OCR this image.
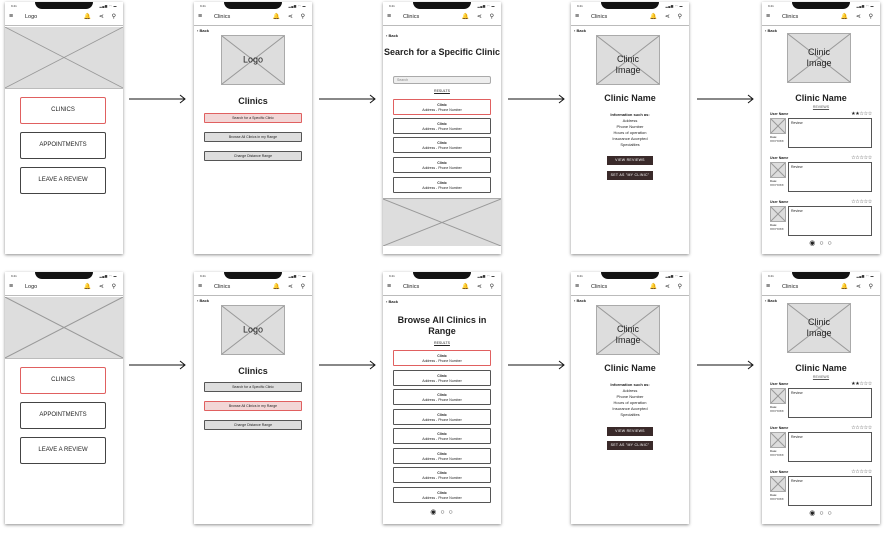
9:41	▂▄▆ ◠ ▬
≡ Logo	🔔 ⋖ ⚲
CLINICS
APPOINTMENTS
LEAVE A REVIEW
9:41	▂▄▆ ◠ ▬
≡ Clinics	🔔 ⋖ ⚲
‹ Back
Logo
Clinics
Search for a Specific Clinic
Browse All Clinics in my Range
Change Distance Range
9:41	▂▄▆ ◠ ▬
≡ Clinics	🔔 ⋖ ⚲
‹ Back
Search for a Specific Clinic
Search
RESULTS
Clinic
Address - Phone Number
Clinic
Address - Phone Number
Clinic
Address - Phone Number
Clinic
Address - Phone Number
Clinic
Address - Phone Number
9:41	▂▄▆ ◠ ▬
≡ Clinics	🔔 ⋖ ⚲
‹ Back
Clinic Image
Clinic Name
Information such as:
Address
Phone Number
Hours of operation
Insurance Accepted
Specialties
VIEW REVIEWS
SET AS "MY CLINIC"
9:41	▂▄▆ ◠ ▬
≡ Clinics	🔔 ⋖ ⚲
‹ Back
Clinic Image
Clinic Name
REVIEWS
User Name	★★☆☆☆
Date:
XX/YX/XX
Review
User Name	☆☆☆☆☆
Date:
XX/YX/XX
Review
User Name	☆☆☆☆☆
Date:
XX/YX/XX
Review
◉ ○ ○
9:41	▂▄▆ ◠ ▬
≡ Logo	🔔 ⋖ ⚲
CLINICS
APPOINTMENTS
LEAVE A REVIEW
9:41	▂▄▆ ◠ ▬
≡ Clinics	🔔 ⋖ ⚲
‹ Back
Logo
Clinics
Search for a Specific Clinic
Browse All Clinics in my Range
Change Distance Range
9:41	▂▄▆ ◠ ▬
≡ Clinics	🔔 ⋖ ⚲
‹ Back
Browse All Clinics in Range
RESULTS
Clinic
Address - Phone Number
Clinic
Address - Phone Number
Clinic
Address - Phone Number
Clinic
Address - Phone Number
Clinic
Address - Phone Number
Clinic
Address - Phone Number
Clinic
Address - Phone Number
Clinic
Address - Phone Number
◉ ○ ○
9:41	▂▄▆ ◠ ▬
≡ Clinics	🔔 ⋖ ⚲
‹ Back
Clinic Image
Clinic Name
Information such as:
Address
Phone Number
Hours of operation
Insurance Accepted
Specialties
VIEW REVIEWS
SET AS "MY CLINIC"
9:41	▂▄▆ ◠ ▬
≡ Clinics	🔔 ⋖ ⚲
‹ Back
Clinic Image
Clinic Name
REVIEWS
User Name	★★☆☆☆
Date:
XX/YX/XX
Review
User Name	☆☆☆☆☆
Date:
XX/YX/XX
Review
User Name	☆☆☆☆☆
Date:
XX/YX/XX
Review
◉ ○ ○
